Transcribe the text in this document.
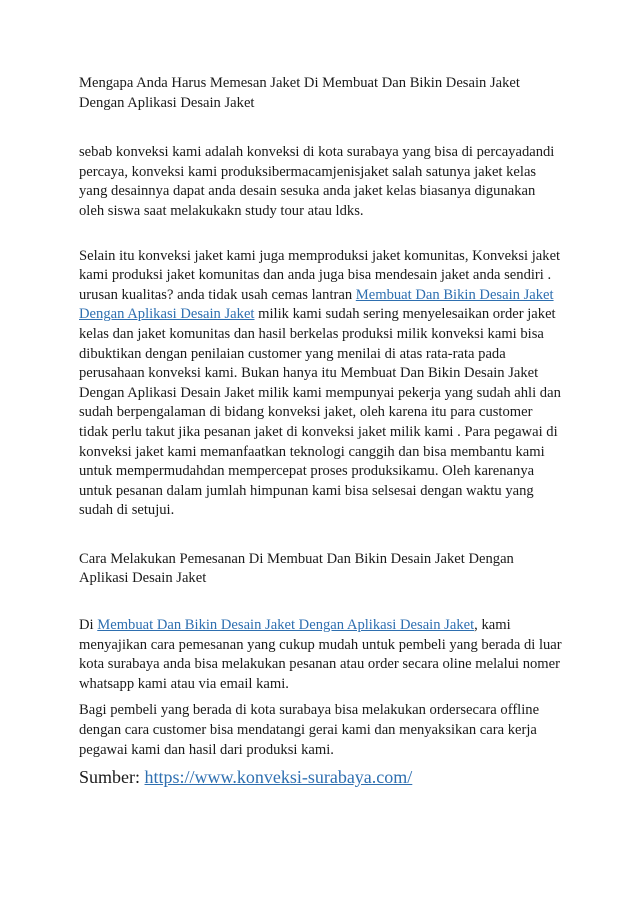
Mengapa Anda Harus Memesan Jaket Di Membuat Dan Bikin Desain Jaket Dengan Aplikasi Desain Jaket

sebab konveksi kami adalah konveksi di kota surabaya yang bisa di percayadandi percaya, konveksi kami produksibermacamjenisjaket salah satunya jaket kelas yang desainnya dapat anda desain sesuka anda jaket kelas biasanya digunakan oleh siswa saat melakukakn study tour atau ldks.

Selain itu konveksi jaket kami juga memproduksi jaket komunitas, Konveksi jaket kami produksi jaket komunitas dan anda juga bisa mendesain jaket anda sendiri . urusan kualitas? anda tidak usah cemas lantran Membuat Dan Bikin Desain Jaket Dengan Aplikasi Desain Jaket milik kami sudah sering menyelesaikan order jaket kelas dan jaket komunitas dan hasil berkelas produksi milik konveksi kami bisa dibuktikan dengan penilaian customer yang menilai di atas rata-rata pada perusahaan konveksi kami. Bukan hanya itu Membuat Dan Bikin Desain Jaket Dengan Aplikasi Desain Jaket milik kami mempunyai pekerja yang sudah ahli dan sudah berpengalaman di bidang konveksi jaket, oleh karena itu para customer tidak perlu takut jika pesanan jaket di konveksi jaket milik kami . Para pegawai di konveksi jaket kami memanfaatkan teknologi canggih dan bisa membantu kami untuk mempermudahdan mempercepat proses produksikamu. Oleh karenanya untuk pesanan dalam jumlah himpunan kami bisa selsesai dengan waktu yang sudah di setujui.

Cara Melakukan Pemesanan Di Membuat Dan Bikin Desain Jaket Dengan Aplikasi Desain Jaket

Di Membuat Dan Bikin Desain Jaket Dengan Aplikasi Desain Jaket, kami menyajikan cara pemesanan yang cukup mudah untuk pembeli yang berada di luar kota surabaya anda bisa melakukan pesanan atau order secara oline melalui nomer whatsapp kami atau via email kami.

Bagi pembeli yang berada di kota surabaya bisa melakukan ordersecara offline dengan cara customer bisa mendatangi gerai kami dan menyaksikan cara kerja pegawai kami dan hasil dari produksi kami.

Sumber: https://www.konveksi-surabaya.com/
